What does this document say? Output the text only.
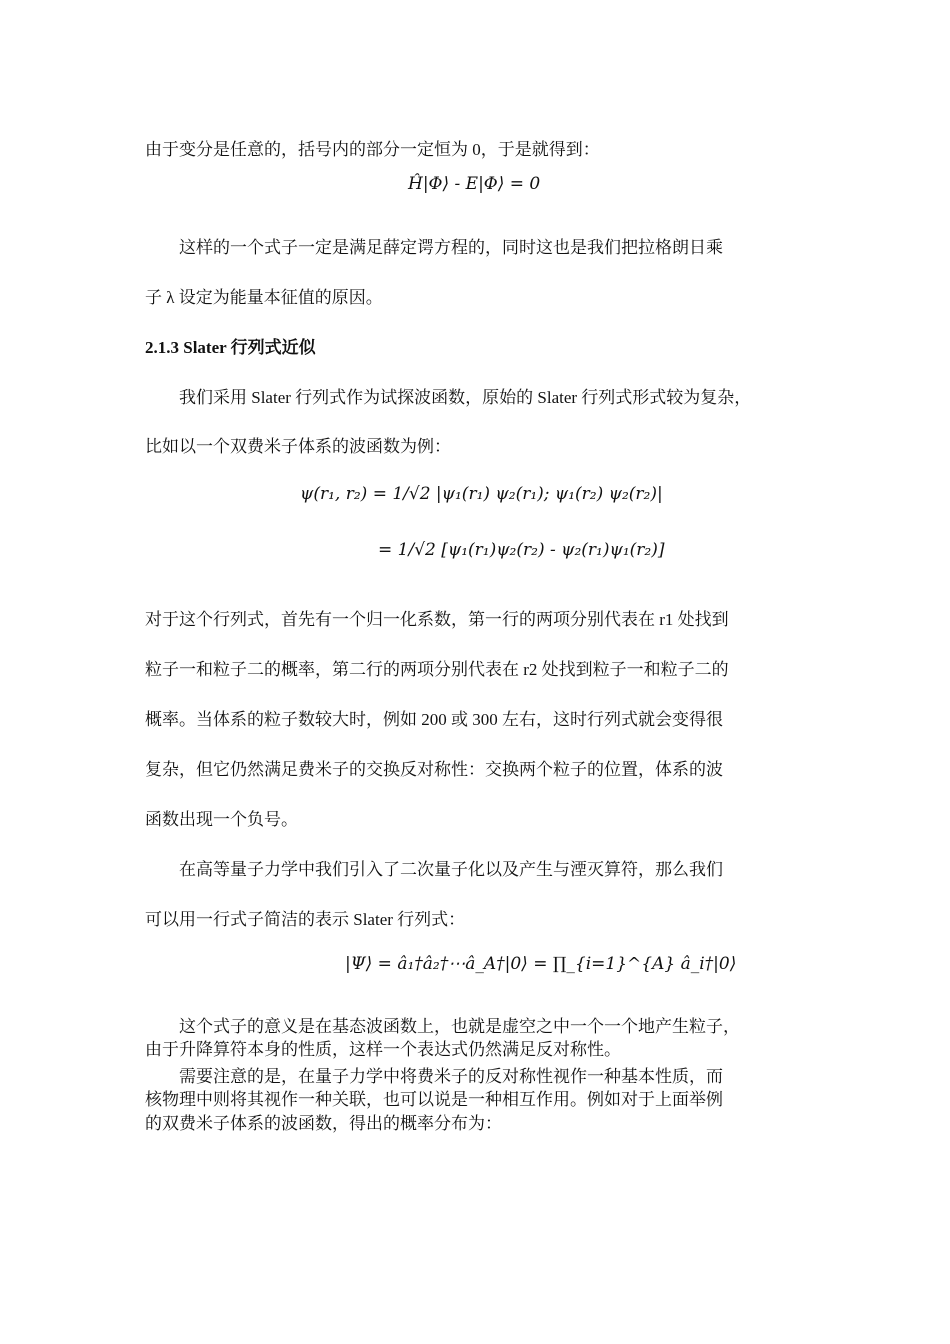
由于变分是任意的，括号内的部分一定恒为 0，于是就得到：
Ĥ|Φ⟩ - E|Φ⟩ = 0
这样的一个式子一定是满足薛定谔方程的，同时这也是我们把拉格朗日乘
子 λ 设定为能量本征值的原因。
2.1.3 Slater 行列式近似
我们采用 Slater 行列式作为试探波函数，原始的 Slater 行列式形式较为复杂，
比如以一个双费米子体系的波函数为例：
ψ(r₁, r₂) = 1/√2 |ψ₁(r₁) ψ₂(r₁); ψ₁(r₂) ψ₂(r₂)|
= 1/√2 [ψ₁(r₁)ψ₂(r₂) - ψ₂(r₁)ψ₁(r₂)]
对于这个行列式，首先有一个归一化系数，第一行的两项分别代表在 r1 处找到
粒子一和粒子二的概率，第二行的两项分别代表在 r2 处找到粒子一和粒子二的
概率。当体系的粒子数较大时，例如 200 或 300 左右，这时行列式就会变得很
复杂，但它仍然满足费米子的交换反对称性：交换两个粒子的位置，体系的波
函数出现一个负号。
在高等量子力学中我们引入了二次量子化以及产生与湮灭算符，那么我们
可以用一行式子简洁的表示 Slater 行列式：
|Ψ⟩ = â₁†â₂†⋯â_A†|0⟩ = ∏_{i=1}^{A} â_i†|0⟩
这个式子的意义是在基态波函数上，也就是虚空之中一个一个地产生粒子，
由于升降算符本身的性质，这样一个表达式仍然满足反对称性。
需要注意的是，在量子力学中将费米子的反对称性视作一种基本性质，而
核物理中则将其视作一种关联，也可以说是一种相互作用。例如对于上面举例
的双费米子体系的波函数，得出的概率分布为：
